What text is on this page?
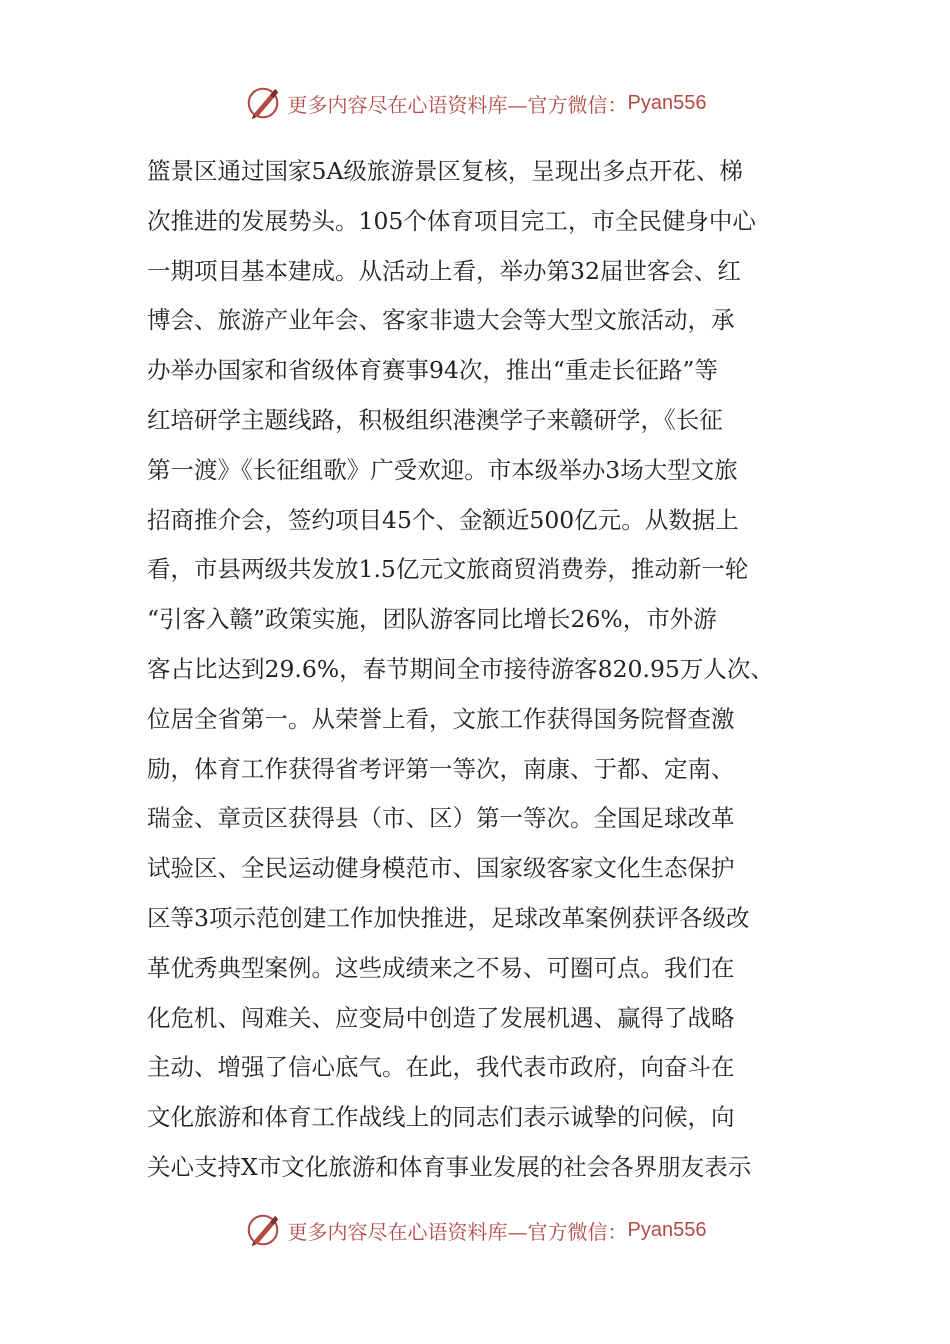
更多内容尽在心语资料库—官方微信： Pyan556
篮景区通过国家5A级旅游景区复核，呈现出多点开花、梯
次推进的发展势头。105个体育项目完工，市全民健身中心
一期项目基本建成。从活动上看，举办第32届世客会、红
博会、旅游产业年会、客家非遗大会等大型文旅活动，承
办举办国家和省级体育赛事94次，推出“重走长征路”等
红培研学主题线路，积极组织港澳学子来赣研学，《长征
第一渡》《长征组歌》广受欢迎。市本级举办3场大型文旅
招商推介会，签约项目45个、金额近500亿元。从数据上
看，市县两级共发放1.5亿元文旅商贸消费券，推动新一轮
“引客入赣”政策实施，团队游客同比增长26%，市外游
客占比达到29.6%，春节期间全市接待游客820.95万人次、
位居全省第一。从荣誉上看，文旅工作获得国务院督查激
励，体育工作获得省考评第一等次，南康、于都、定南、
瑞金、章贡区获得县（市、区）第一等次。全国足球改革
试验区、全民运动健身模范市、国家级客家文化生态保护
区等3项示范创建工作加快推进，足球改革案例获评各级改
革优秀典型案例。这些成绩来之不易、可圈可点。我们在
化危机、闯难关、应变局中创造了发展机遇、赢得了战略
主动、增强了信心底气。在此，我代表市政府，向奋斗在
文化旅游和体育工作战线上的同志们表示诚挚的问候，向
关心支持X市文化旅游和体育事业发展的社会各界朋友表示
更多内容尽在心语资料库—官方微信： Pyan556
